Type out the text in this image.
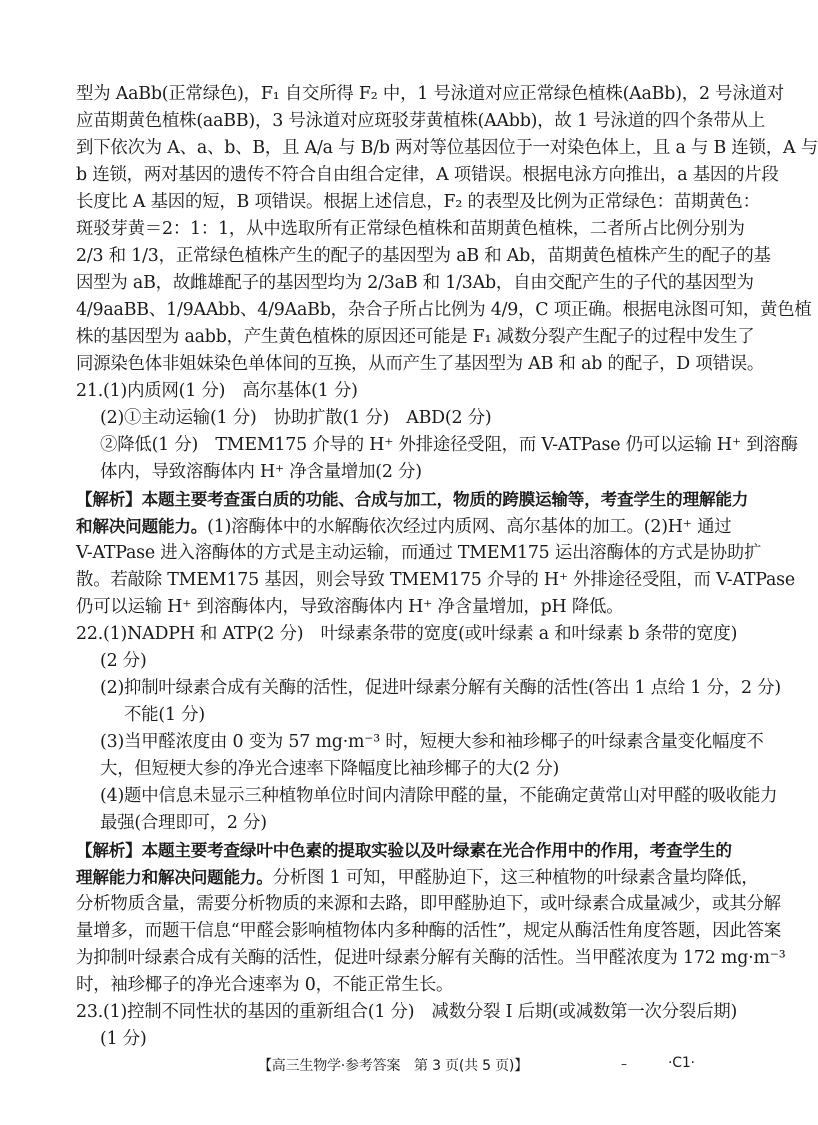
型为 AaBb(正常绿色)，F₁ 自交所得 F₂ 中，1 号泳道对应正常绿色植株(AaBb)，2 号泳道对
应苗期黄色植株(aaBB)，3 号泳道对应斑驳芽黄植株(AAbb)，故 1 号泳道的四个条带从上
到下依次为 A、a、b、B，且 A/a 与 B/b 两对等位基因位于一对染色体上，且 a 与 B 连锁，A 与
b 连锁，两对基因的遗传不符合自由组合定律，A 项错误。根据电泳方向推出，a 基因的片段
长度比 A 基因的短，B 项错误。根据上述信息，F₂ 的表型及比例为正常绿色：苗期黄色：
斑驳芽黄＝2：1：1，从中选取所有正常绿色植株和苗期黄色植株，二者所占比例分别为
2/3 和 1/3，正常绿色植株产生的配子的基因型为 aB 和 Ab，苗期黄色植株产生的配子的基
因型为 aB，故雌雄配子的基因型均为 2/3aB 和 1/3Ab，自由交配产生的子代的基因型为
4/9aaBB、1/9AAbb、4/9AaBb，杂合子所占比例为 4/9，C 项正确。根据电泳图可知，黄色植
株的基因型为 aabb，产生黄色植株的原因还可能是 F₁ 减数分裂产生配子的过程中发生了
同源染色体非姐妹染色单体间的互换，从而产生了基因型为 AB 和 ab 的配子，D 项错误。
21.(1)内质网(1 分)　高尔基体(1 分)
(2)①主动运输(1 分)　协助扩散(1 分)　ABD(2 分)
②降低(1 分)　TMEM175 介导的 H⁺ 外排途径受阻，而 V-ATPase 仍可以运输 H⁺ 到溶酶
体内，导致溶酶体内 H⁺ 净含量增加(2 分)
【解析】本题主要考查蛋白质的功能、合成与加工，物质的跨膜运输等，考查学生的理解能力
和解决问题能力。(1)溶酶体中的水解酶依次经过内质网、高尔基体的加工。(2)H⁺ 通过
V-ATPase 进入溶酶体的方式是主动运输，而通过 TMEM175 运出溶酶体的方式是协助扩
散。若敲除 TMEM175 基因，则会导致 TMEM175 介导的 H⁺ 外排途径受阻，而 V-ATPase
仍可以运输 H⁺ 到溶酶体内，导致溶酶体内 H⁺ 净含量增加，pH 降低。
22.(1)NADPH 和 ATP(2 分)　叶绿素条带的宽度(或叶绿素 a 和叶绿素 b 条带的宽度)
(2 分)
(2)抑制叶绿素合成有关酶的活性，促进叶绿素分解有关酶的活性(答出 1 点给 1 分，2 分)
不能(1 分)
(3)当甲醛浓度由 0 变为 57 mg·m⁻³ 时，短梗大参和袖珍椰子的叶绿素含量变化幅度不
大，但短梗大参的净光合速率下降幅度比袖珍椰子的大(2 分)
(4)题中信息未显示三种植物单位时间内清除甲醛的量，不能确定黄常山对甲醛的吸收能力
最强(合理即可，2 分)
【解析】本题主要考查绿叶中色素的提取实验以及叶绿素在光合作用中的作用，考查学生的
理解能力和解决问题能力。分析图 1 可知，甲醛胁迫下，这三种植物的叶绿素含量均降低，
分析物质含量，需要分析物质的来源和去路，即甲醛胁迫下，或叶绿素合成量减少，或其分解
量增多，而题干信息“甲醛会影响植物体内多种酶的活性”，规定从酶活性角度答题，因此答案
为抑制叶绿素合成有关酶的活性，促进叶绿素分解有关酶的活性。当甲醛浓度为 172 mg·m⁻³
时，袖珍椰子的净光合速率为 0，不能正常生长。
23.(1)控制不同性状的基因的重新组合(1 分)　减数分裂 Ⅰ 后期(或减数第一次分裂后期)
(1 分)
【高三生物学·参考答案　第 3 页(共 5 页)】	–	·C1·
